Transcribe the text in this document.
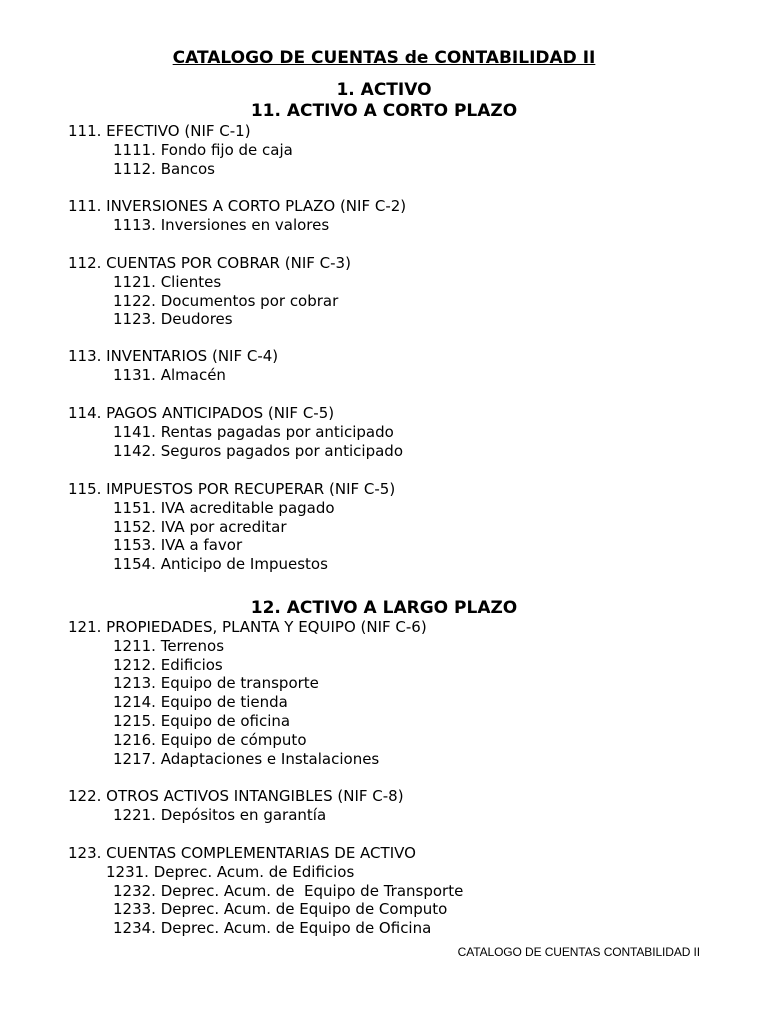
CATALOGO DE CUENTAS de CONTABILIDAD II
1. ACTIVO
11. ACTIVO A CORTO PLAZO
111. EFECTIVO (NIF C-1)
1111. Fondo fijo de caja
1112. Bancos
111. INVERSIONES A CORTO PLAZO (NIF C-2)
1113. Inversiones en valores
112. CUENTAS POR COBRAR (NIF C-3)
1121. Clientes
1122. Documentos por cobrar
1123. Deudores
113. INVENTARIOS (NIF C-4)
1131. Almacén
114. PAGOS ANTICIPADOS (NIF C-5)
1141. Rentas pagadas por anticipado
1142. Seguros pagados por anticipado
115. IMPUESTOS POR RECUPERAR (NIF C-5)
1151. IVA acreditable pagado
1152. IVA por acreditar
1153. IVA a favor
1154. Anticipo de Impuestos
12. ACTIVO A LARGO PLAZO
121. PROPIEDADES, PLANTA Y EQUIPO (NIF C-6)
1211. Terrenos
1212. Edificios
1213. Equipo de transporte
1214. Equipo de tienda
1215. Equipo de oficina
1216. Equipo de cómputo
1217. Adaptaciones e Instalaciones
122. OTROS ACTIVOS INTANGIBLES (NIF C-8)
1221. Depósitos en garantía
123. CUENTAS COMPLEMENTARIAS DE ACTIVO
1231. Deprec. Acum. de Edificios
1232. Deprec. Acum. de  Equipo de Transporte
1233. Deprec. Acum. de Equipo de Computo
1234. Deprec. Acum. de Equipo de Oficina
CATALOGO DE CUENTAS CONTABILIDAD II
